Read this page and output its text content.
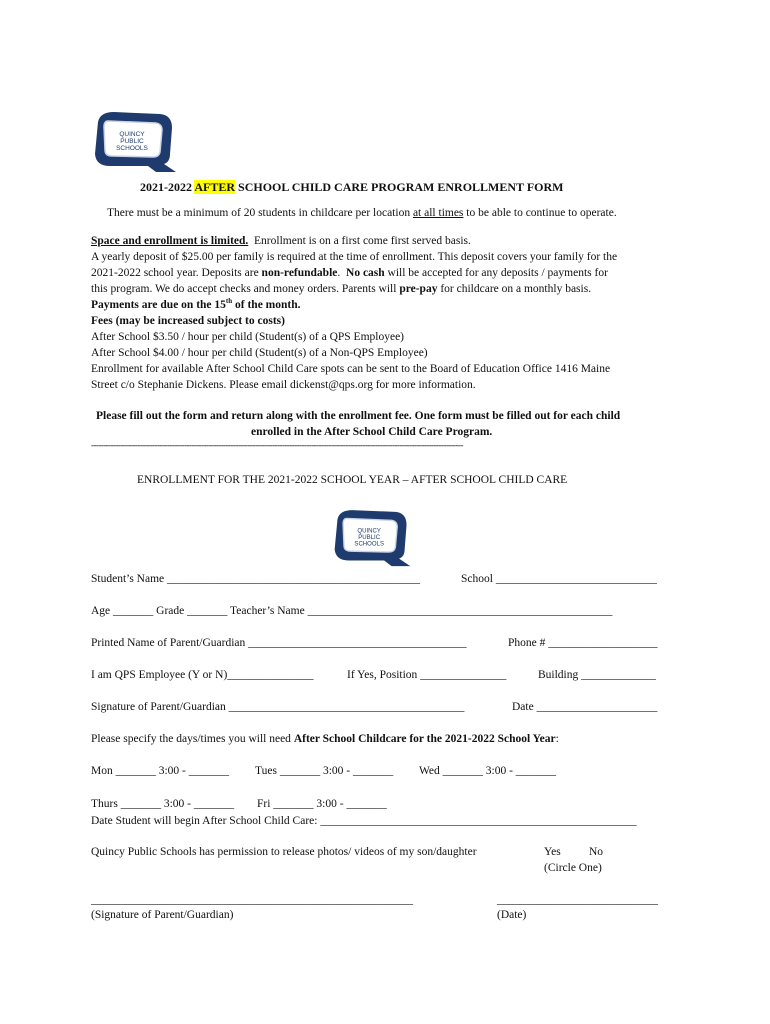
QUINCY
PUBLIC
SCHOOLS
2021-2022 AFTER SCHOOL CHILD CARE PROGRAM ENROLLMENT FORM
There must be a minimum of 20 students in childcare per location at all times to be able to continue to operate.
Space and enrollment is limited. Enrollment is on a first come first served basis.
A yearly deposit of $25.00 per family is required at the time of enrollment. This deposit covers your family for the
2021-2022 school year. Deposits are non-refundable. No cash will be accepted for any deposits / payments for
this program. We do accept checks and money orders. Parents will pre-pay for childcare on a monthly basis.
Payments are due on the 15th of the month.
Fees (may be increased subject to costs)
After School $3.50 / hour per child (Student(s) of a QPS Employee)
After School $4.00 / hour per child (Student(s) of a Non-QPS Employee)
Enrollment for available After School Child Care spots can be sent to the Board of Education Office 1416 Maine
Street c/o Stephanie Dickens. Please email dickenst@qps.org for more information.
Please fill out the form and return along with the enrollment fee. One form must be filled out for each child
enrolled in the After School Child Care Program.
--------------------------------------------------------------------------------------------------------------------------------------------------------
ENROLLMENT FOR THE 2021-2022 SCHOOL YEAR – AFTER SCHOOL CHILD CARE
QUINCY
PUBLIC
SCHOOLS
Student’s Name ____________________________________________	School ____________________________
Age _______ Grade _______ Teacher’s Name _____________________________________________________
Printed Name of Parent/Guardian ______________________________________	Phone # ___________________
I am QPS Employee (Y or N)_______________	If Yes, Position _______________	Building _____________
Signature of Parent/Guardian _________________________________________	Date _____________________
Please specify the days/times you will need After School Childcare for the 2021-2022 School Year:
Mon _______ 3:00 - _______ Tues _______ 3:00 - _______ Wed _______ 3:00 - _______
Thurs _______ 3:00 - _______ Fri _______ 3:00 - _______
Date Student will begin After School Child Care: _______________________________________________________
Quincy Public Schools has permission to release photos/ videos of my son/daughter	Yes No
(Circle One)
________________________________________________________	____________________________
(Signature of Parent/Guardian)	(Date)
